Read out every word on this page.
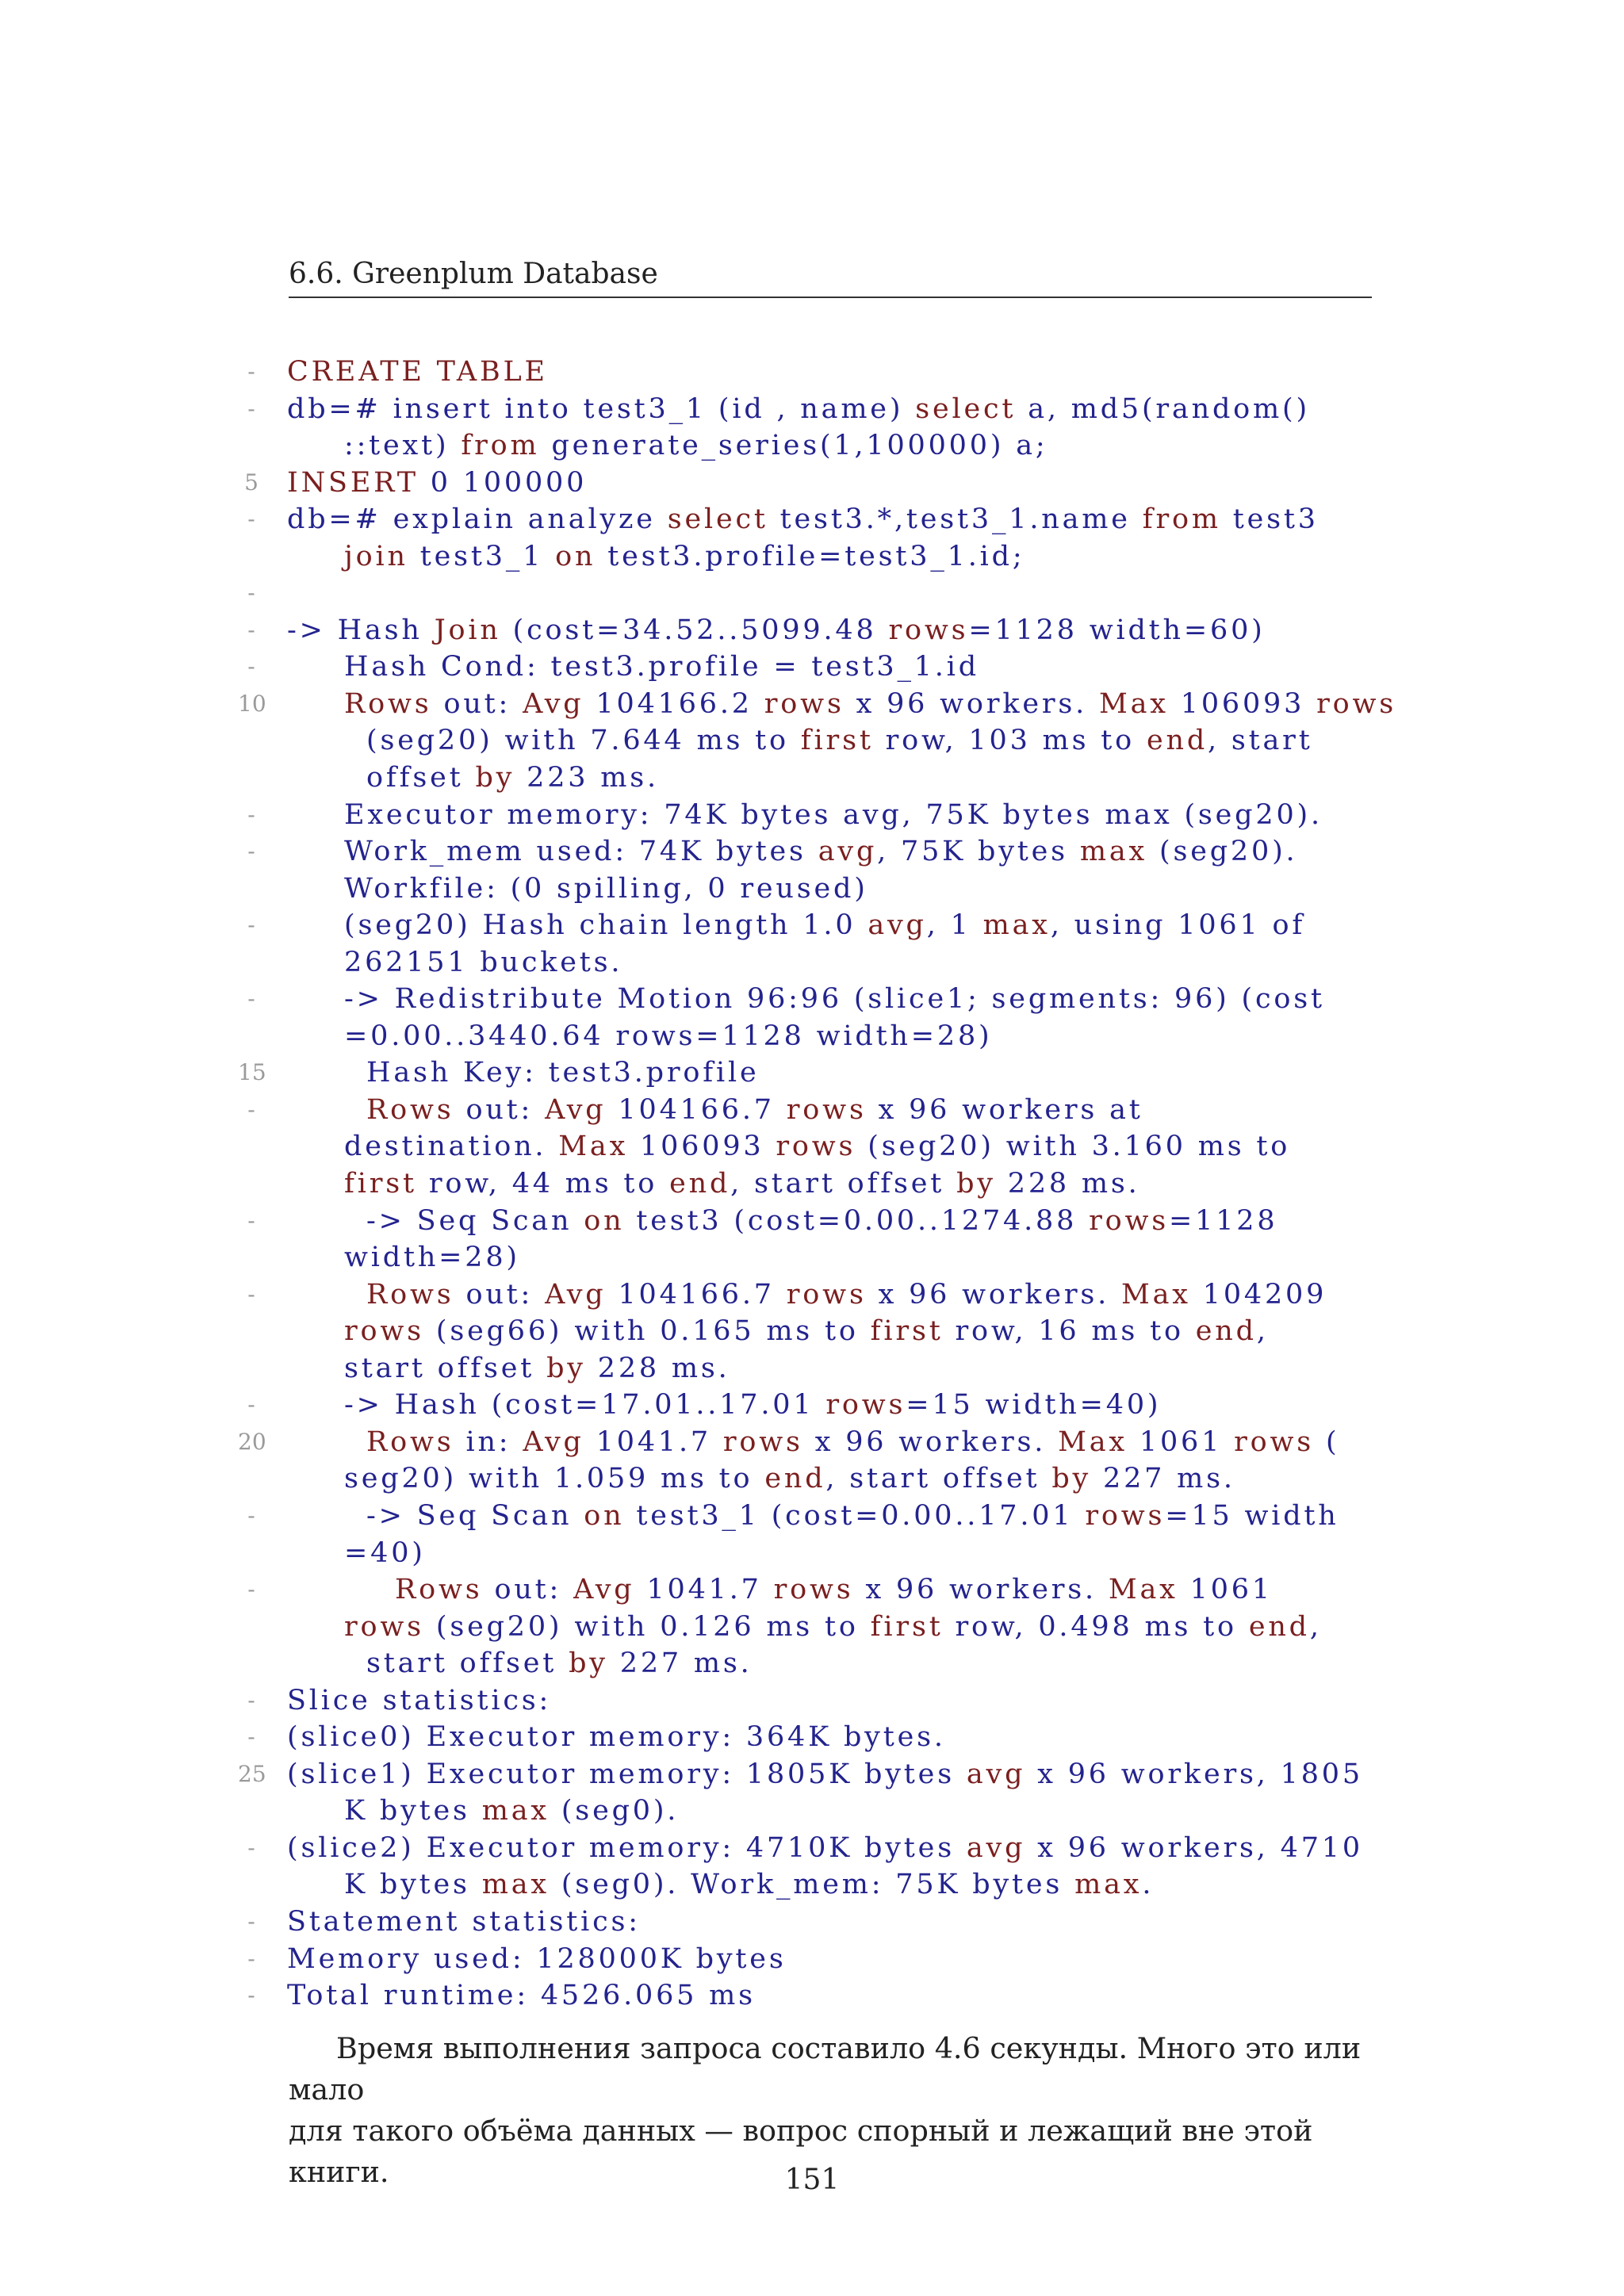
6.6. Greenplum Database
-	CREATE TABLE
-	db=# insert into test3_1 (id , name) select a, md5(random()
::text) from generate_series(1,100000) a;
5 INSERT 0 100000
-	db=# explain analyze select test3.*,test3_1.name from test3
join test3_1 on test3.profile=test3_1.id;
-
-	-> Hash Join (cost=34.52..5099.48 rows=1128 width=60)
-	Hash Cond: test3.profile = test3_1.id
10	Rows out: Avg 104166.2 rows x 96 workers. Max 106093 rows
(seg20) with 7.644 ms to first row, 103 ms to end, start
offset by 223 ms.
-	Executor memory: 74K bytes avg, 75K bytes max (seg20).
-	Work_mem used: 74K bytes avg, 75K bytes max (seg20).
Workfile: (0 spilling, 0 reused)
-	(seg20) Hash chain length 1.0 avg, 1 max, using 1061 of
262151 buckets.
-	-> Redistribute Motion 96:96 (slice1; segments: 96) (cost
=0.00..3440.64 rows=1128 width=28)
15	Hash Key: test3.profile
-	Rows out: Avg 104166.7 rows x 96 workers at
destination. Max 106093 rows (seg20) with 3.160 ms to
first row, 44 ms to end, start offset by 228 ms.
-	-> Seq Scan on test3 (cost=0.00..1274.88 rows=1128
width=28)
-	Rows out: Avg 104166.7 rows x 96 workers. Max 104209
rows (seg66) with 0.165 ms to first row, 16 ms to end,
start offset by 228 ms.
-	-> Hash (cost=17.01..17.01 rows=15 width=40)
20	Rows in: Avg 1041.7 rows x 96 workers. Max 1061 rows (
seg20) with 1.059 ms to end, start offset by 227 ms.
-	-> Seq Scan on test3_1 (cost=0.00..17.01 rows=15 width
=40)
-	Rows out: Avg 1041.7 rows x 96 workers. Max 1061
rows (seg20) with 0.126 ms to first row, 0.498 ms to end,
start offset by 227 ms.
-	Slice statistics:
-	(slice0) Executor memory: 364K bytes.
25 (slice1) Executor memory: 1805K bytes avg x 96 workers, 1805
K bytes max (seg0).
-	(slice2) Executor memory: 4710K bytes avg x 96 workers, 4710
K bytes max (seg0). Work_mem: 75K bytes max.
-	Statement statistics:
-	Memory used: 128000K bytes
-	Total runtime: 4526.065 ms

Время выполнения запроса составило 4.6 секунды. Много это или мало

для такого объёма данных — вопрос спорный и лежащий вне этой книги.	151
